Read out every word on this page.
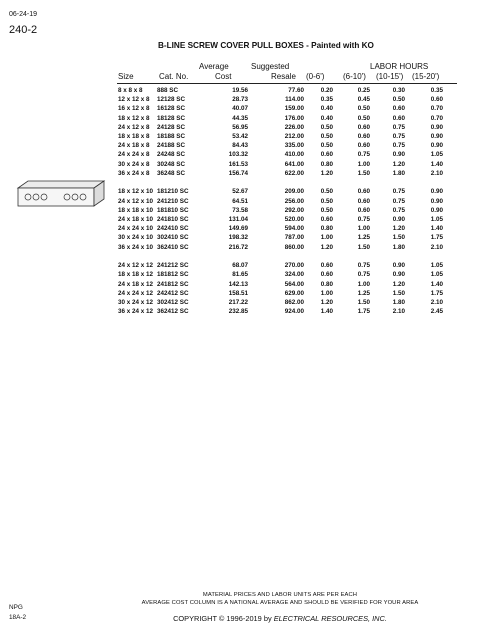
06-24-19
240-2
B-LINE SCREW COVER PULL BOXES - Painted with KO
Average	Suggested	LABOR HOURS
Size	Cat. No.	Cost	Resale (0-6') (6-10') (10-15') (15-20')
8 x 8 x 8 888 SC	19.56	77.60	0.20	0.25	0.30	0.35
12 x 12 x 8 12128 SC	28.73	114.00	0.35	0.45	0.50	0.60
16 x 12 x 8 16128 SC	40.07	159.00	0.40	0.50	0.60	0.70
18 x 12 x 8 18128 SC	44.35	176.00	0.40	0.50	0.60	0.70
24 x 12 x 8 24128 SC	56.95	226.00	0.50	0.60	0.75	0.90
18 x 18 x 8 18188 SC	53.42	212.00	0.50	0.60	0.75	0.90
24 x 18 x 8 24188 SC	84.43	335.00	0.50	0.60	0.75	0.90
24 x 24 x 8 24248 SC	103.32	410.00	0.60	0.75	0.90	1.05
30 x 24 x 8 30248 SC	161.53	641.00	0.80	1.00	1.20	1.40
36 x 24 x 8 36248 SC	156.74	622.00	1.20	1.50	1.80	2.10
18 x 12 x 10 181210 SC	52.67	209.00	0.50	0.60	0.75	0.90
24 x 12 x 10 241210 SC	64.51	256.00	0.50	0.60	0.75	0.90
18 x 18 x 10 181810 SC	73.58	292.00	0.50	0.60	0.75	0.90
24 x 18 x 10 241810 SC	131.04	520.00	0.60	0.75	0.90	1.05
24 x 24 x 10 242410 SC	149.69	594.00	0.80	1.00	1.20	1.40
30 x 24 x 10 302410 SC	198.32	787.00	1.00	1.25	1.50	1.75
36 x 24 x 10 362410 SC	216.72	860.00	1.20	1.50	1.80	2.10
24 x 12 x 12 241212 SC	68.07	270.00	0.60	0.75	0.90	1.05
18 x 18 x 12 181812 SC	81.65	324.00	0.60	0.75	0.90	1.05
24 x 18 x 12 241812 SC	142.13	564.00	0.80	1.00	1.20	1.40
24 x 24 x 12 242412 SC	158.51	629.00	1.00	1.25	1.50	1.75
30 x 24 x 12 302412 SC	217.22	862.00	1.20	1.50	1.80	2.10
36 x 24 x 12 362412 SC	232.85	924.00	1.40	1.75	2.10	2.45
MATERIAL PRICES AND LABOR UNITS ARE PER EACH
AVERAGE COST COLUMN IS A NATIONAL AVERAGE AND SHOULD BE VERIFIED FOR YOUR AREA
COPYRIGHT © 1996-2019 by ELECTRICAL RESOURCES, INC.
NPG
18A-2
